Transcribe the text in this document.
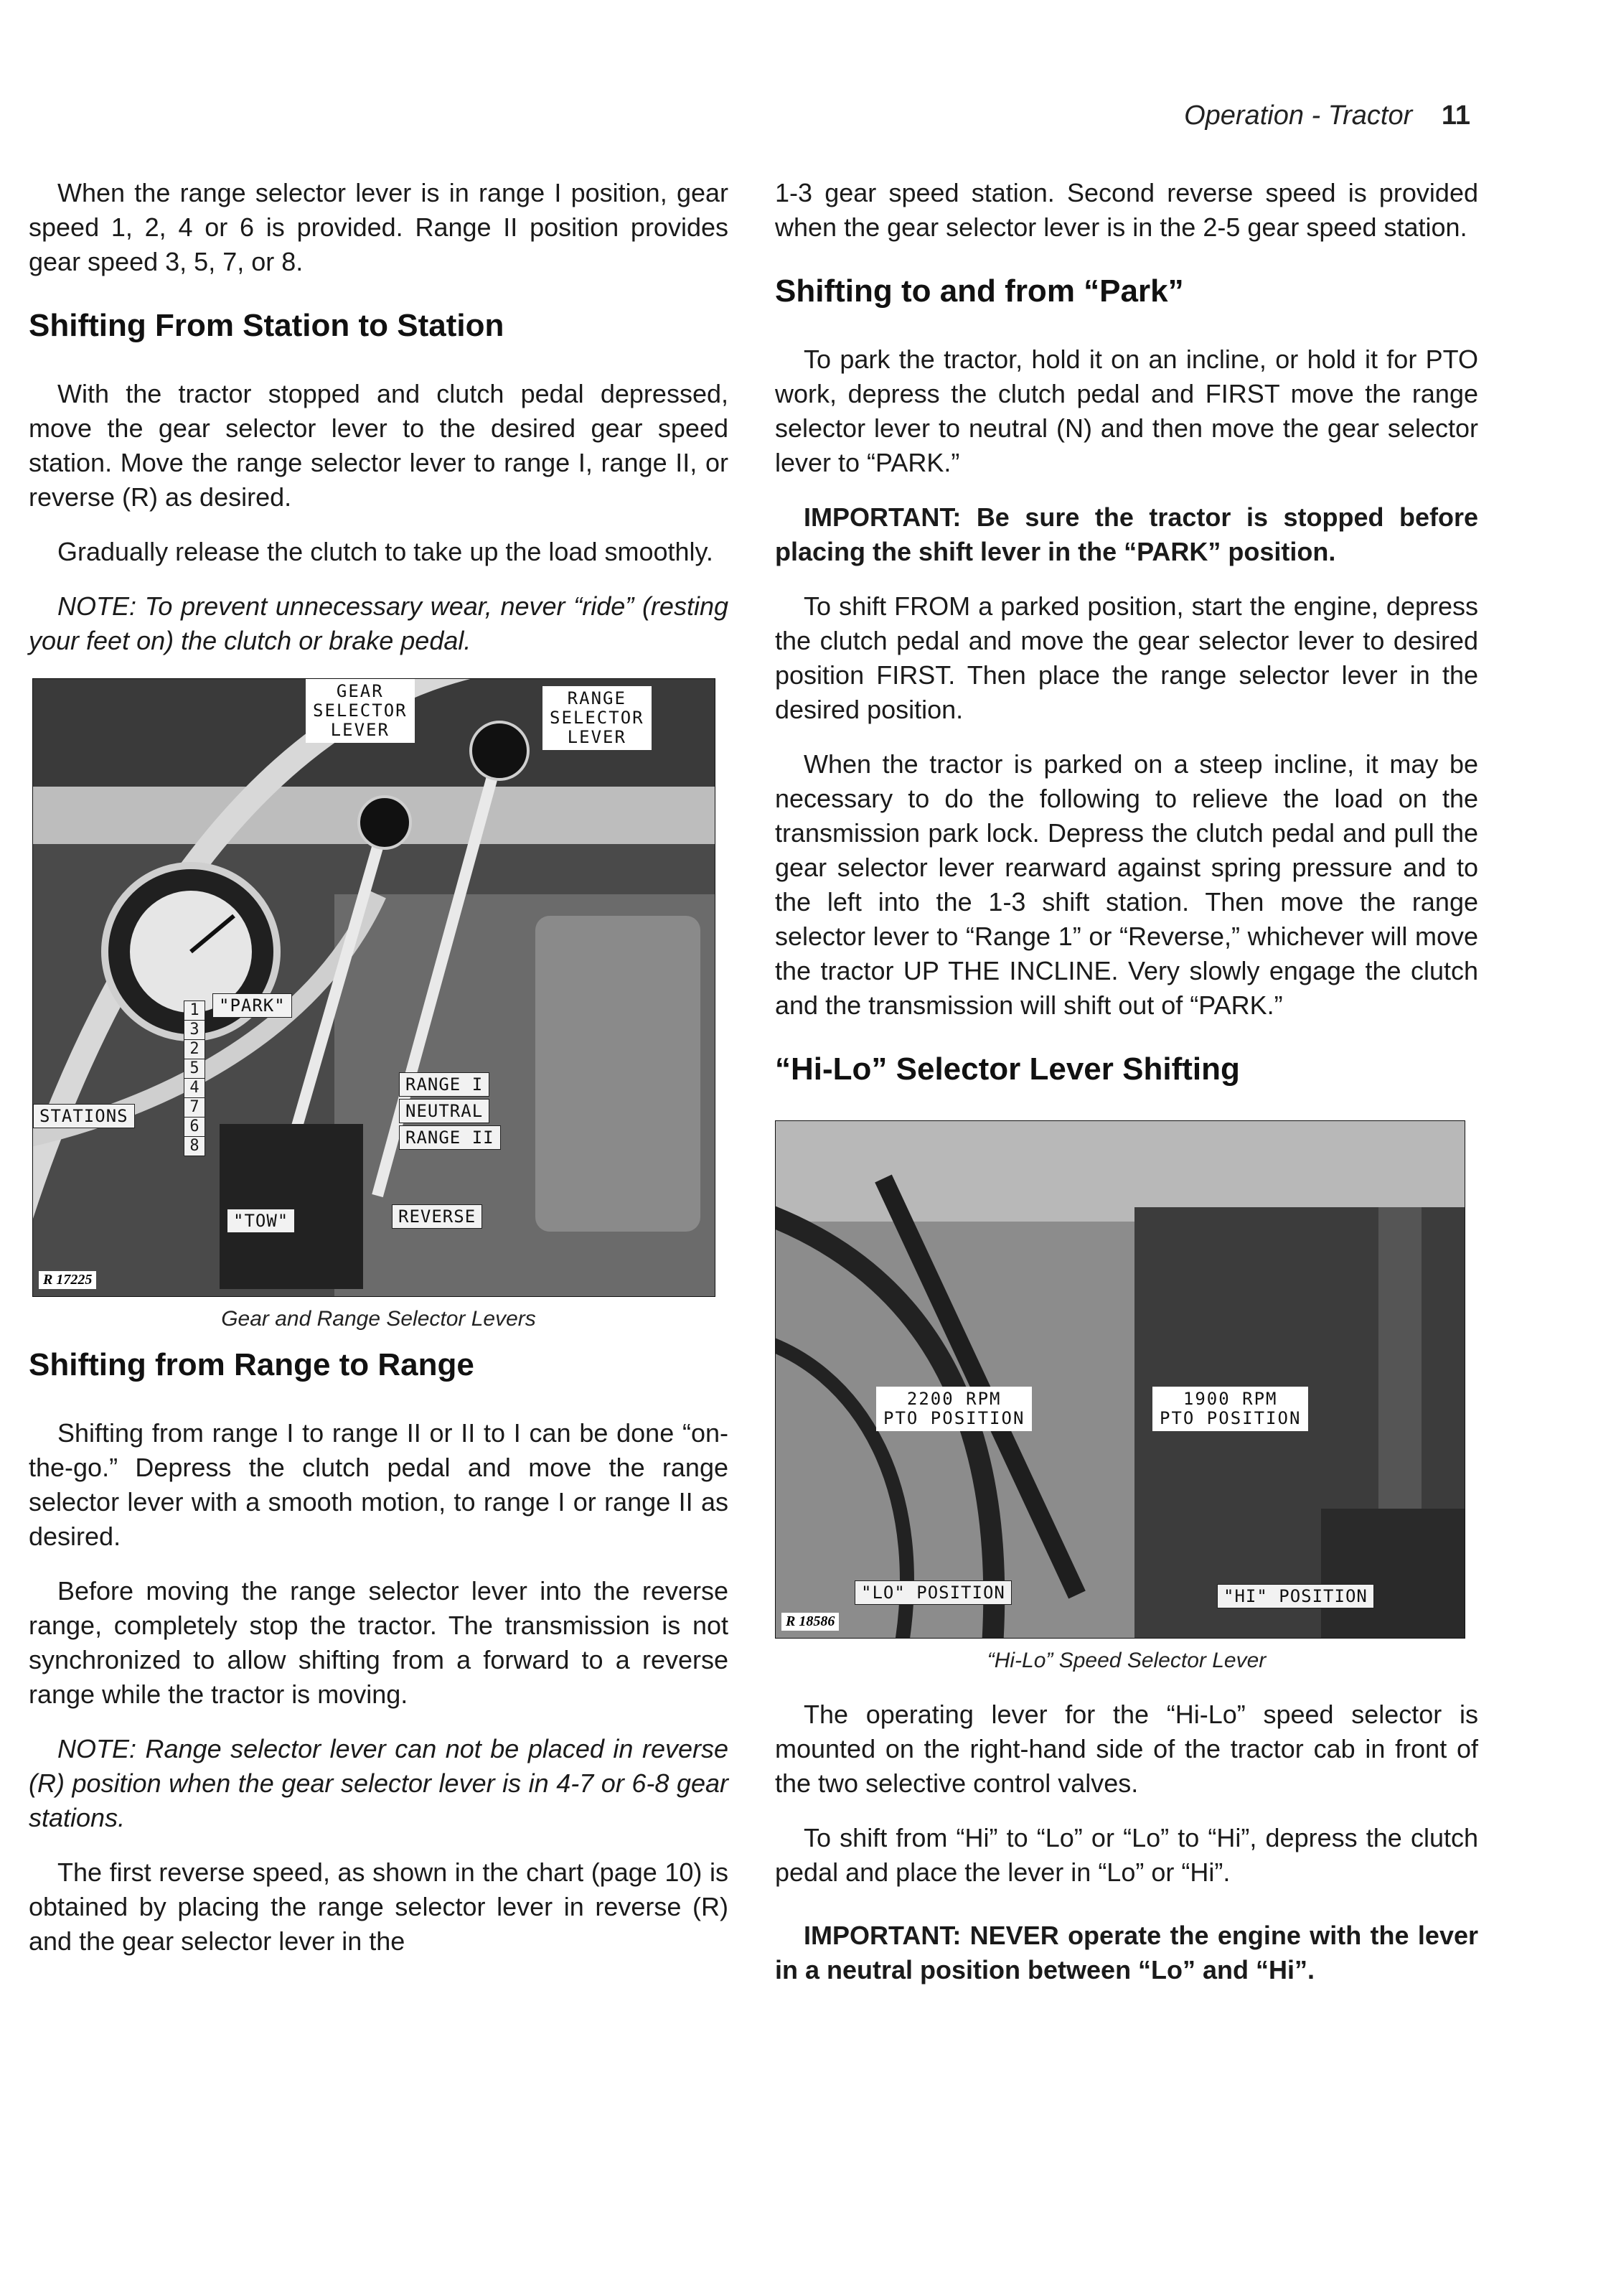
Operation - Tractor 11

When the range selector lever is in range I position, gear speed 1, 2, 4 or 6 is provided. Range II position provides gear speed 3, 5, 7, or 8.

Shifting From Station to Station

With the tractor stopped and clutch pedal depressed, move the gear selector lever to the desired gear speed station. Move the range selector lever to range I, range II, or reverse (R) as desired.

Gradually release the clutch to take up the load smoothly.

NOTE: To prevent unnecessary wear, never “ride” (resting your feet on) the clutch or brake pedal.

GEAR
SELECTOR
LEVER
RANGE
SELECTOR
LEVER
"PARK"
1
3
2
5
4
7
6
8
STATIONS
RANGE I
NEUTRAL
RANGE II
"TOW"	REVERSE
R 17225
Gear and Range Selector Levers
Shifting from Range to Range

Shifting from range I to range II or II to I can be done “on-the-go.” Depress the clutch pedal and move the range selector lever with a smooth motion, to range I or range II as desired.

Before moving the range selector lever into the reverse range, completely stop the tractor. The transmission is not synchronized to allow shifting from a forward to a reverse range while the tractor is moving.

NOTE: Range selector lever can not be placed in reverse (R) position when the gear selector lever is in 4-7 or 6-8 gear stations.

The first reverse speed, as shown in the chart (page 10) is obtained by placing the range selector lever in reverse (R) and the gear selector lever in the

1-3 gear speed station. Second reverse speed is provided when the gear selector lever is in the 2-5 gear speed station.

Shifting to and from “Park”

To park the tractor, hold it on an incline, or hold it for PTO work, depress the clutch pedal and FIRST move the range selector lever to neutral (N) and then move the gear selector lever to “PARK.”

IMPORTANT: Be sure the tractor is stopped before placing the shift lever in the “PARK” position.

To shift FROM a parked position, start the engine, depress the clutch pedal and move the gear selector lever to desired position FIRST. Then place the range selector lever in the desired position.

When the tractor is parked on a steep incline, it may be necessary to do the following to relieve the load on the transmission park lock. Depress the clutch pedal and pull the gear selector lever rearward against spring pressure and to the left into the 1-3 shift station. Then move the range selector lever to “Range 1” or “Reverse,” whichever will move the tractor UP THE INCLINE. Very slowly engage the clutch and the transmission will shift out of “PARK.”

“Hi-Lo” Selector Lever Shifting
2200 RPM
PTO POSITION
1900 RPM
PTO POSITION
"LO" POSITION	"HI" POSITION
R 18586
“Hi-Lo” Speed Selector Lever

The operating lever for the “Hi-Lo” speed selector is mounted on the right-hand side of the tractor cab in front of the two selective control valves.

To shift from “Hi” to “Lo” or “Lo” to “Hi”, depress the clutch pedal and place the lever in “Lo” or “Hi”.

IMPORTANT: NEVER operate the engine with the lever in a neutral position between “Lo” and “Hi”.
